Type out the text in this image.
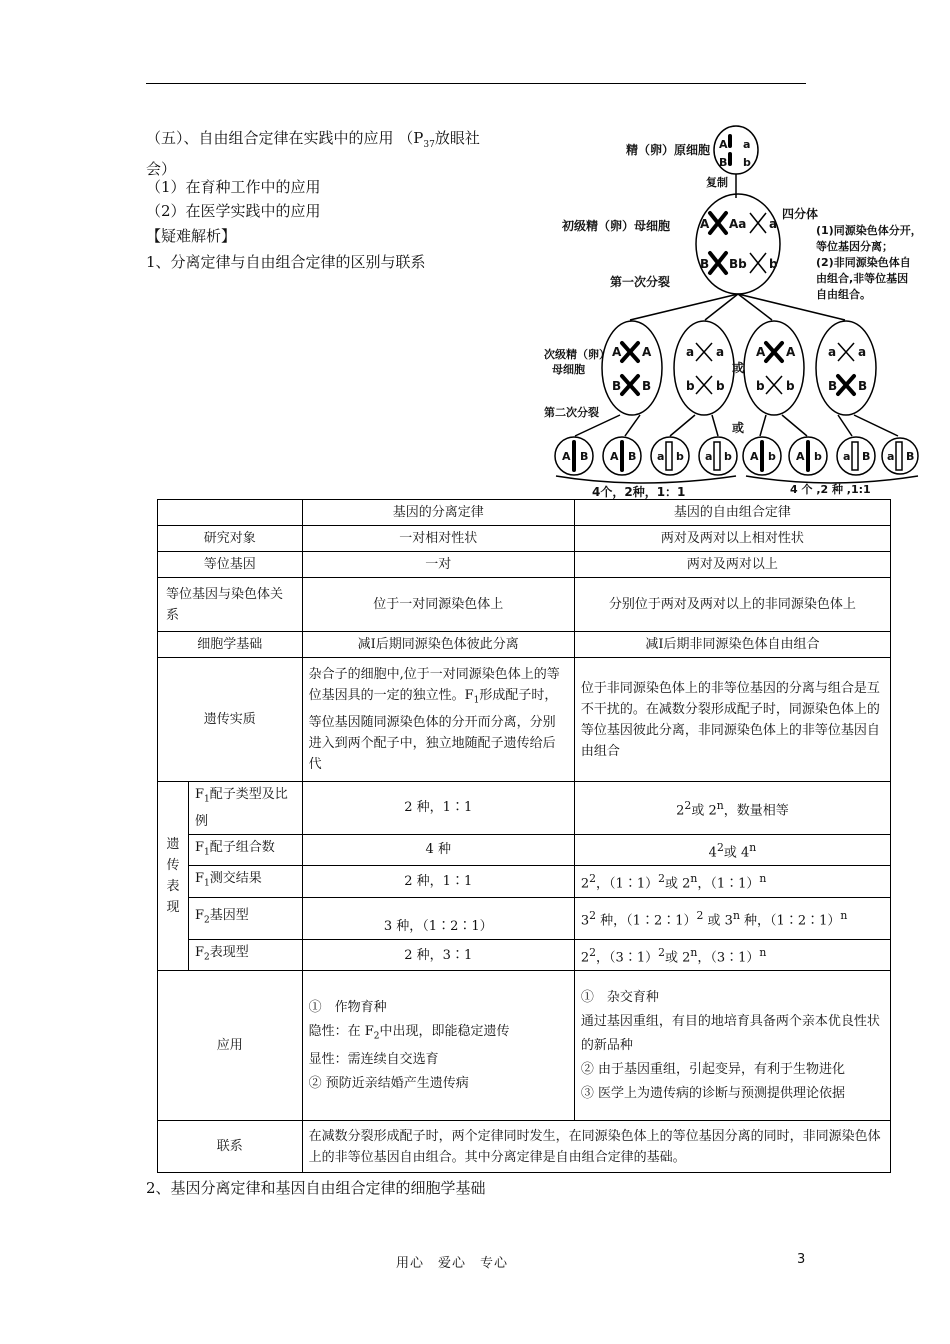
（五）、自由组合定律在实践中的应用 （$P_{37}$放眼社
会）
（1）在育种工作中的应用
（2）在医学实践中的应用
【疑难解析】
1、分离定律与自由组合定律的区别与联系
A a
B b
A Aa a
B Bb b
A A
B B
a a
b b
A A
b b
a a
B B
A B A B a b a b A b A b a B a B
精（卵）原细胞
复制
初级精（卵）母细胞
四分体
(1)同源染色体分开，
等位基因分离；
(2)非同源染色体自
由组合,非等位基因
自由组合。
第一次分裂
次级精（卵）
母细胞	或
第二次分裂
或
4个，2种，1：1	4 个 ,2 种 ,1:1
		基因的分离定律	基因的自由组合定律
研究对象		一对相对性状	两对及两对以上相对性状
等位基因		一对	两对及两对以上
等位基因与染色体关系		位于一对同源染色体上	分别位于两对及两对以上的非同源染色体上
细胞学基础		减Ⅰ后期同源染色体彼此分离	减Ⅰ后期非同源染色体自由组合
遗传实质		杂合子的细胞中,位于一对同源染色体上的等位基因具的一定的独立性。$F_1$形成配子时，等位基因随同源染色体的分开而分离，分别进入到两个配子中，独立地随配子遗传给后代	位于非同源染色体上的非等位基因的分离与组合是互不干扰的。在减数分裂形成配子时，同源染色体上的等位基因彼此分离，非同源染色体上的非等位基因自由组合
遗
传
表
现	$F_1$配子类型及比例	2 种，1∶1	$2^2$或 2$^n$，数量相等
	$F_1$配子组合数	4 种	$4^2$或 4$^n$
	$F_1$测交结果	2 种，1∶1	$2^2$，（1∶1）$^2$或 2$^n$，（1∶1）$^n$
	$F_2$基因型	3 种，（1∶2∶1）	$3^2$ 种，（1∶2∶1）$^2$ 或 3$^n$ 种，（1∶2∶1）$^n$
	$F_2$表现型	2 种，3∶1	$2^2$，（3∶1）$^2$或 2$^n$，（3∶1）$^n$
应用		①　作物育种
隐性：在 $F_2$中出现，即能稳定遗传
显性：需连续自交选育
② 预防近亲结婚产生遗传病	①　杂交育种
通过基因重组，有目的地培育具备两个亲本优良性状的新品种
② 由于基因重组，引起变异，有利于生物进化
③ 医学上为遗传病的诊断与预测提供理论依据
联系		在减数分裂形成配子时，两个定律同时发生，在同源染色体上的等位基因分离的同时，非同源染色体上的非等位基因自由组合。其中分离定律是自由组合定律的基础。	
2、基因分离定律和基因自由组合定律的细胞学基础
用心　爱心　专心	3
